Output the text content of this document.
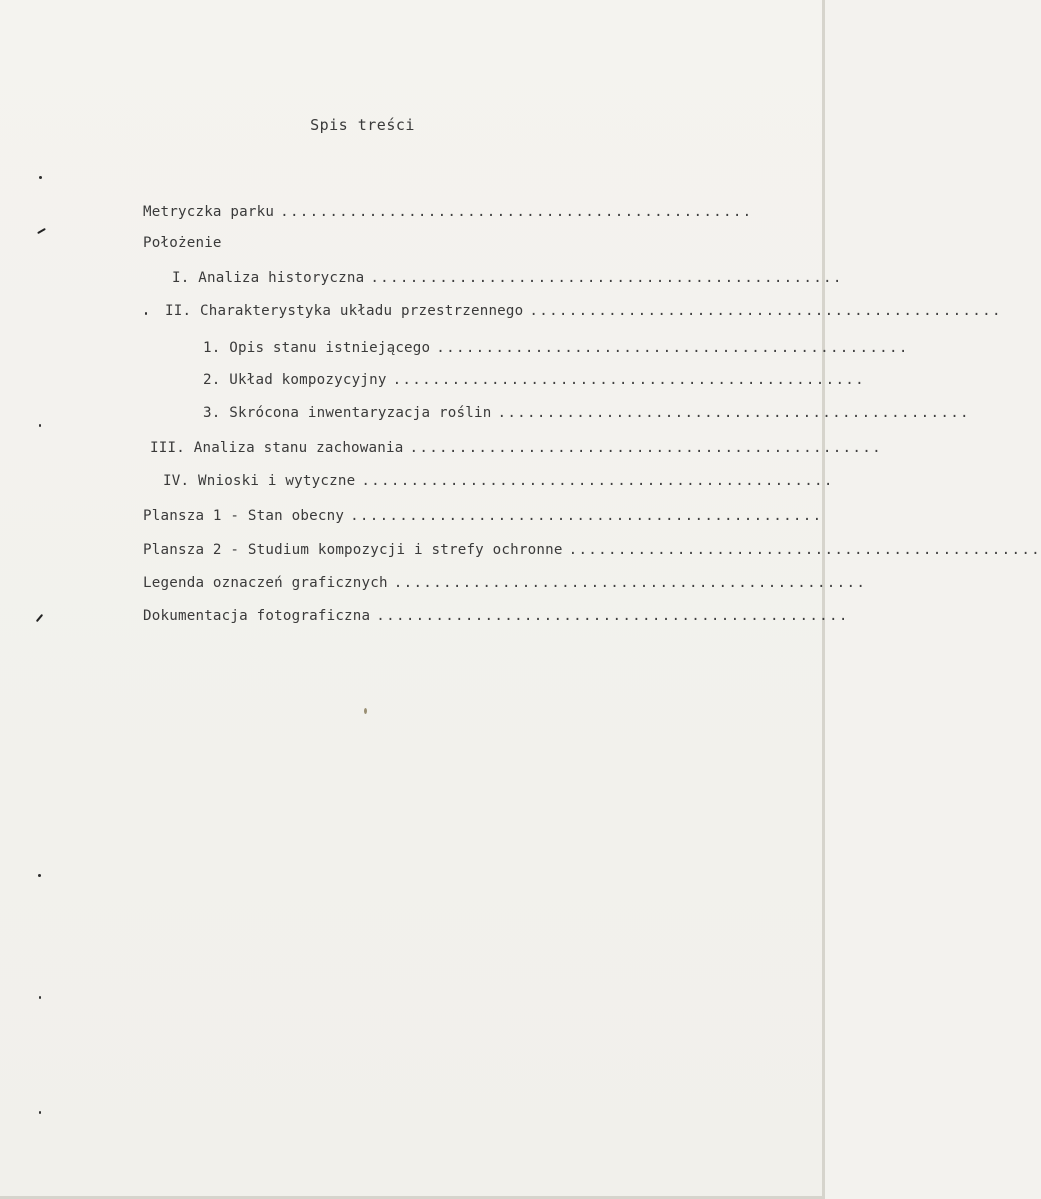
Spis treści
Metryczka parku ................................................
Położenie
I. Analiza historyczna ................................................
II. Charakterystyka układu przestrzennego ................................................
1. Opis stanu istniejącego ................................................
2. Układ kompozycyjny ................................................
3. Skrócona inwentaryzacja roślin ................................................
III. Analiza stanu zachowania ................................................
IV. Wnioski i wytyczne ................................................
Plansza 1 - Stan obecny ................................................
Plansza 2 - Studium kompozycji i strefy ochronne ................................................
Legenda oznaczeń graficznych ................................................
Dokumentacja fotograficzna ................................................
